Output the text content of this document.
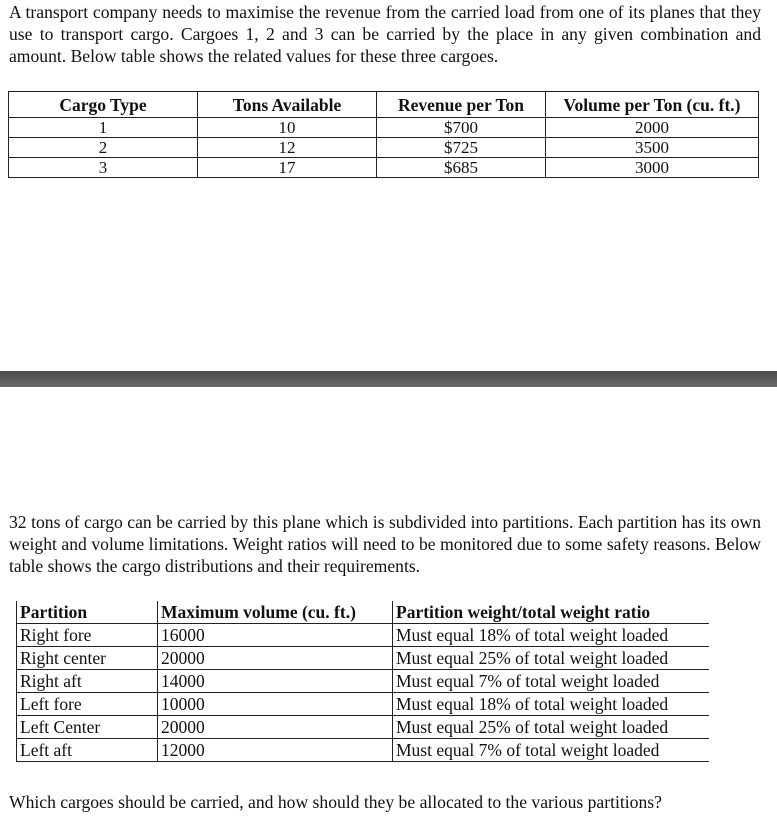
A transport company needs to maximise the revenue from the carried load from one of its planes that they use to transport cargo. Cargoes 1, 2 and 3 can be carried by the place in any given combination and amount. Below table shows the related values for these three cargoes.

Cargo Type	Tons Available	Revenue per Ton	Volume per Ton (cu. ft.)
1	10	$700	2000
2	12	$725	3500
3	17	$685	3000

32 tons of cargo can be carried by this plane which is subdivided into partitions. Each partition has its own weight and volume limitations. Weight ratios will need to be monitored due to some safety reasons. Below table shows the cargo distributions and their requirements.

Partition	Maximum volume (cu. ft.)	Partition weight/total weight ratio
Right fore	16000	Must equal 18% of total weight loaded
Right center	20000	Must equal 25% of total weight loaded
Right aft	14000	Must equal 7% of total weight loaded
Left fore	10000	Must equal 18% of total weight loaded
Left Center	20000	Must equal 25% of total weight loaded
Left aft	12000	Must equal 7% of total weight loaded

Which cargoes should be carried, and how should they be allocated to the various partitions?
